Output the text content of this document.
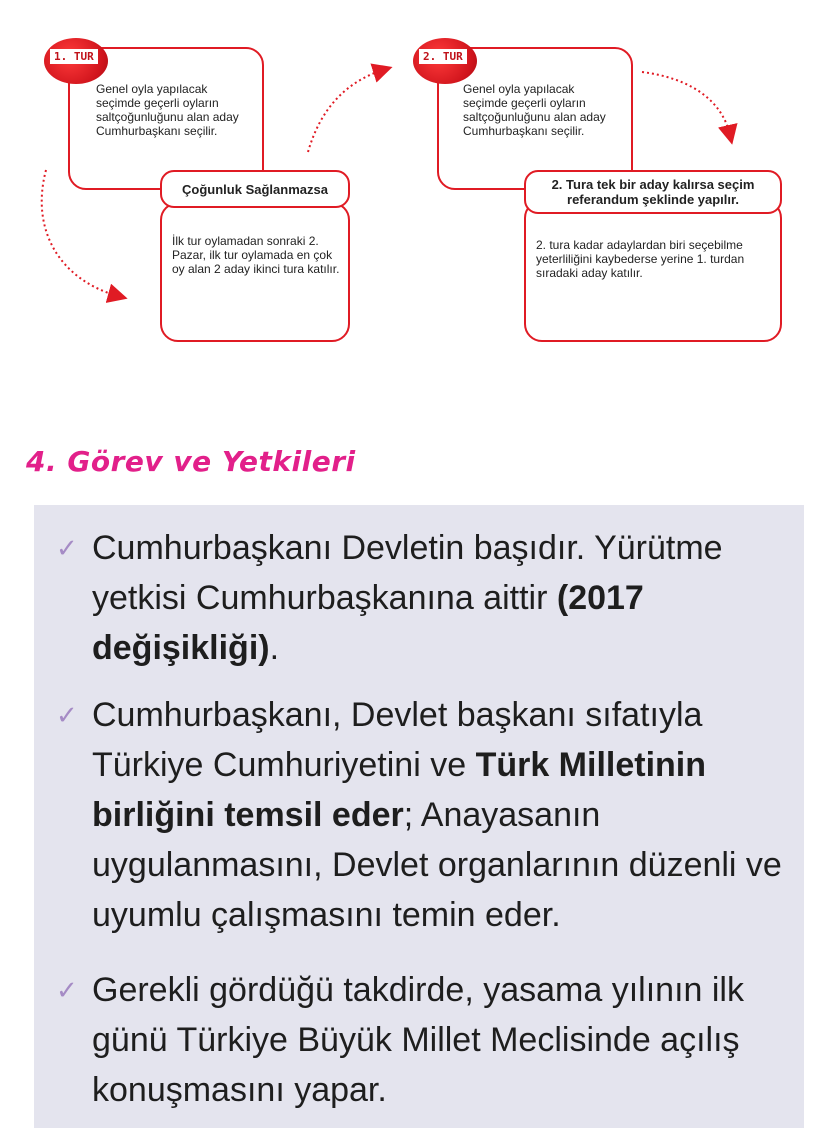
Genel oyla yapılacak seçimde geçerli oyların saltçoğunluğunu alan aday Cumhurbaşkanı seçilir.
1. TUR
İlk tur oylamadan sonraki 2. Pazar, ilk tur oylamada en çok oy alan 2 aday ikinci tura katılır.
Çoğunluk Sağlanmazsa
Genel oyla yapılacak seçimde geçerli oyların saltçoğunluğunu alan aday Cumhurbaşkanı seçilir.
2. TUR
2. tura kadar adaylardan biri seçebilme yeterliliğini kaybederse yerine 1. turdan sıradaki aday katılır.
2. Tura tek bir aday kalırsa seçim referandum şeklinde yapılır.
4. Görev ve Yetkileri
✓ Cumhurbaşkanı Devletin başıdır. Yürütme yetkisi Cumhurbaşkanına aittir (2017 değişikliği).
✓ Cumhurbaşkanı, Devlet başkanı sıfatıyla Türkiye Cumhuriyetini ve Türk Milletinin birliğini temsil eder; Anayasanın uygulanmasını, Devlet organlarının düzenli ve uyumlu çalışmasını temin eder.
✓ Gerekli gördüğü takdirde, yasama yılının ilk günü Türkiye Büyük Millet Meclisinde açılış konuşmasını yapar.
